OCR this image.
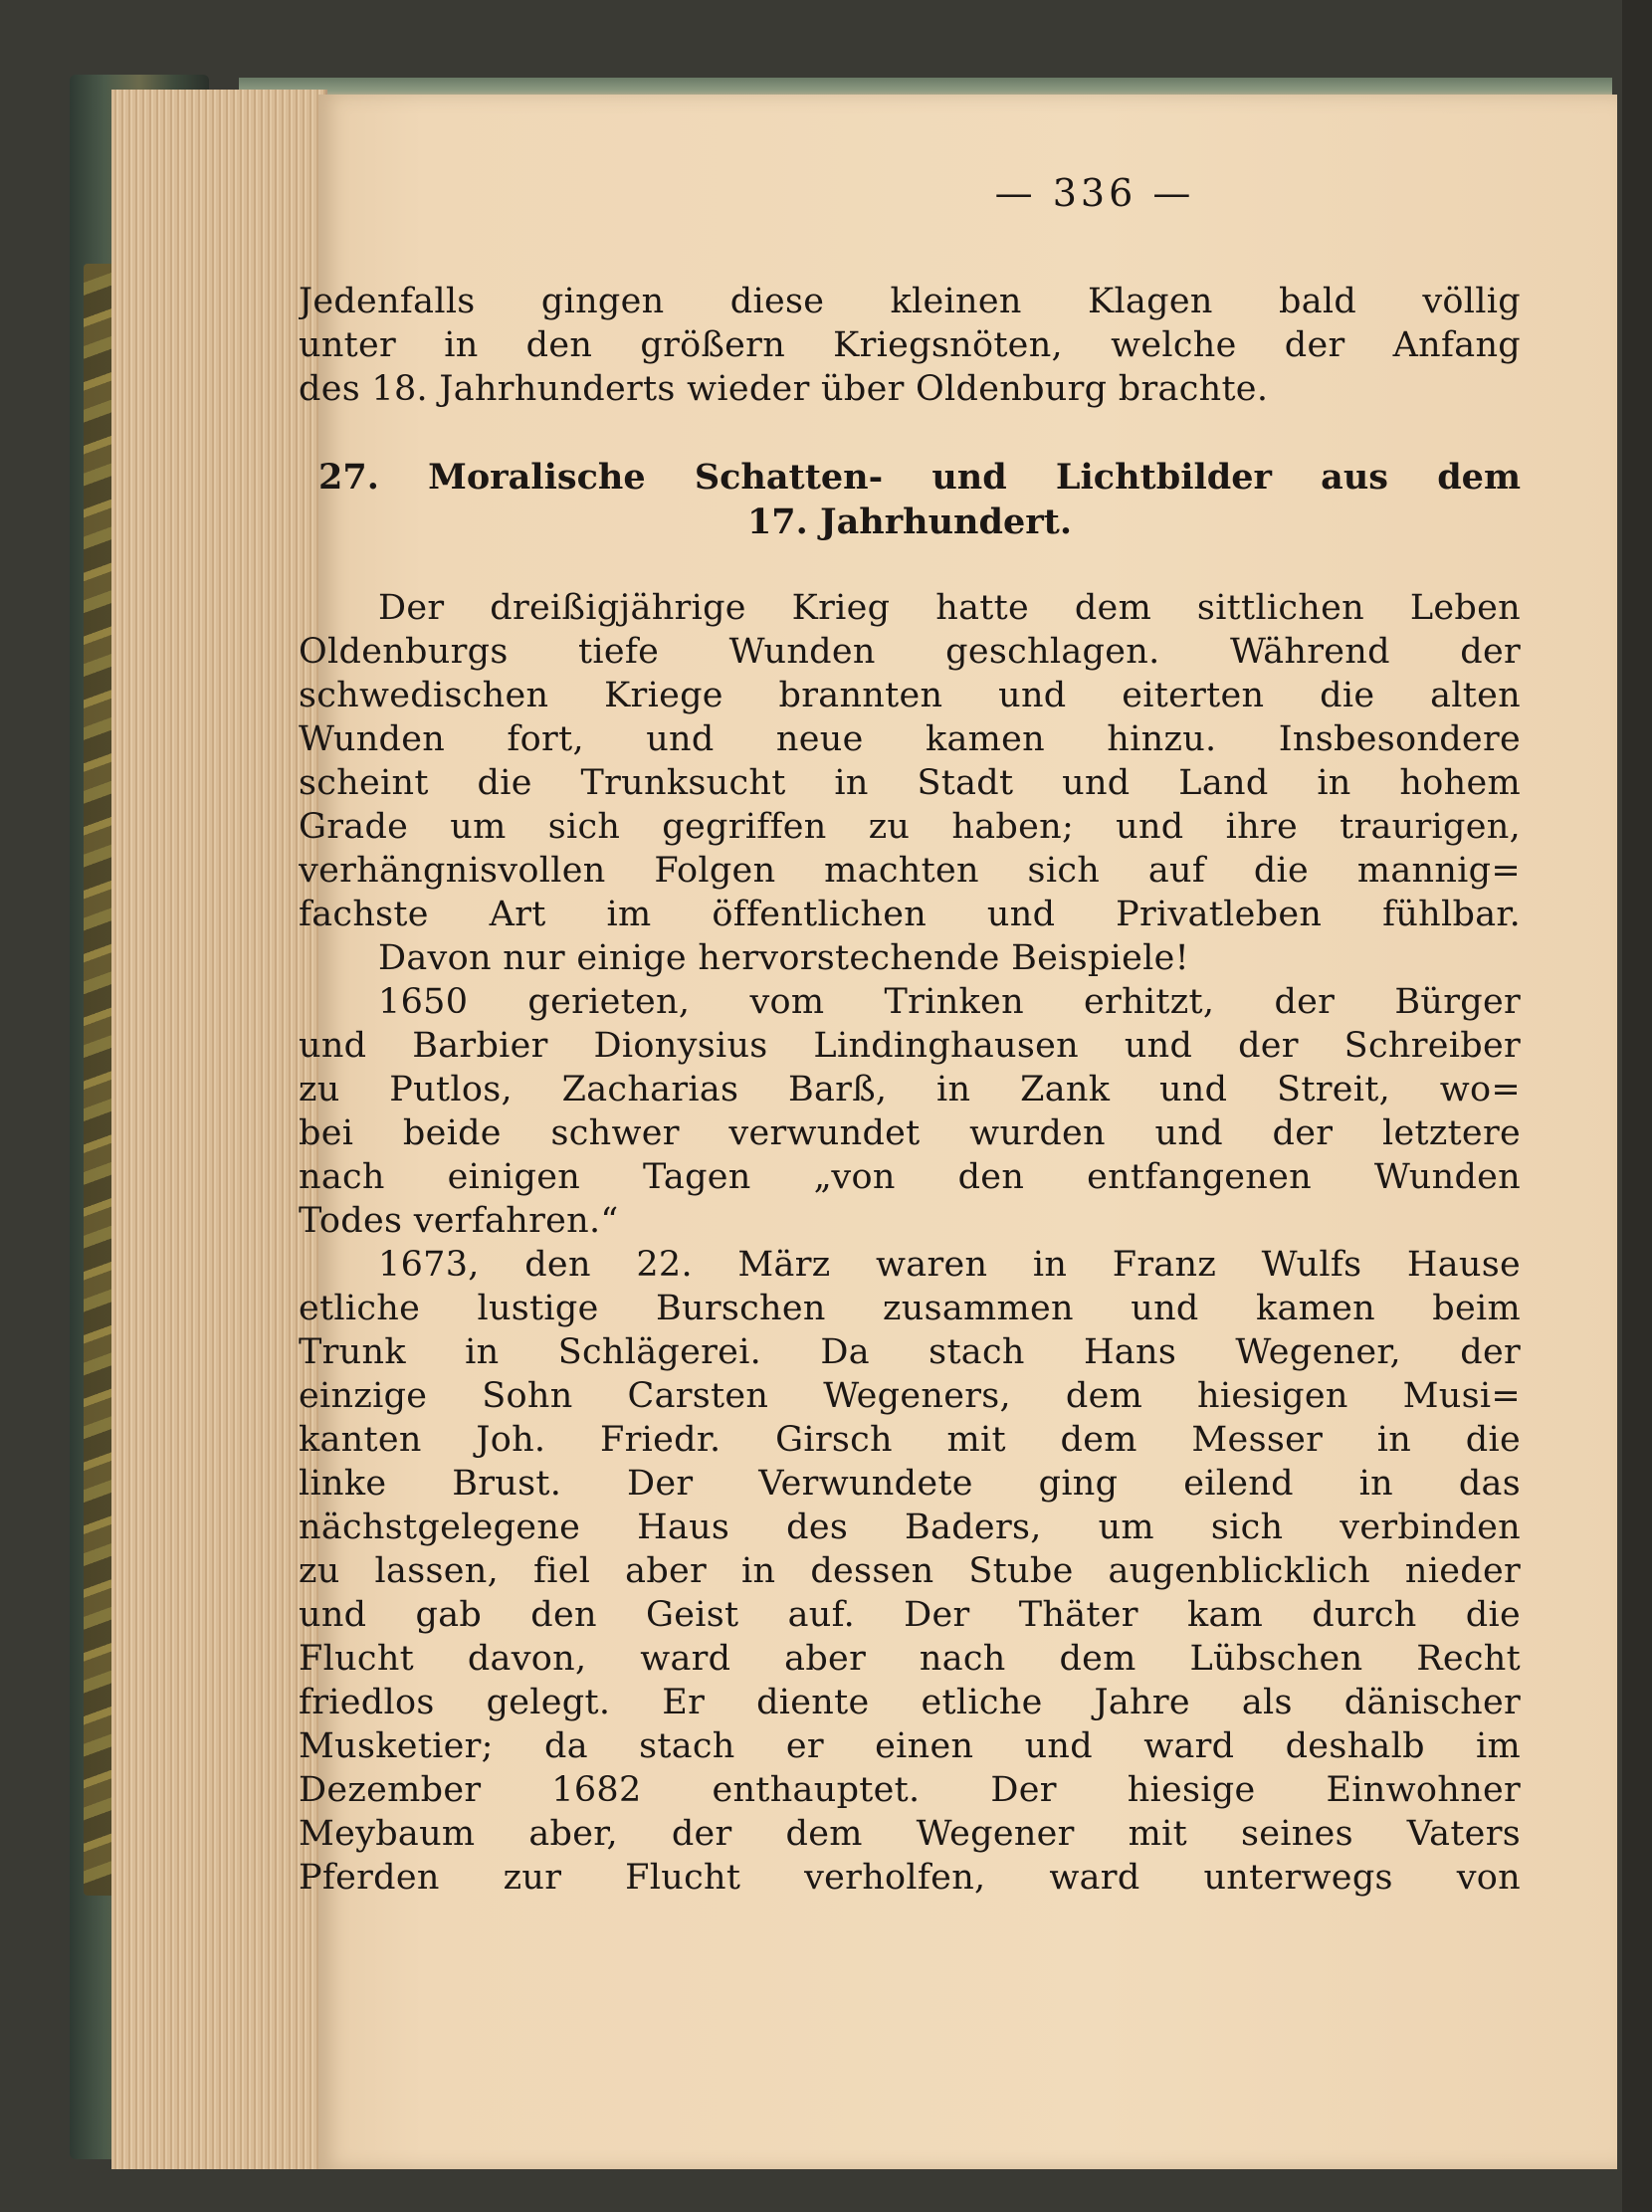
— 336 —
Jedenfalls gingen diese kleinen Klagen bald völlig
unter in den größern Kriegsnöten, welche der Anfang
des 18. Jahrhunderts wieder über Oldenburg brachte.
27. Moralische Schatten- und Lichtbilder aus dem
17. Jahrhundert.
Der dreißigjährige Krieg hatte dem sittlichen Leben
Oldenburgs tiefe Wunden geschlagen. Während der
schwedischen Kriege brannten und eiterten die alten
Wunden fort, und neue kamen hinzu. Insbesondere
scheint die Trunksucht in Stadt und Land in hohem
Grade um sich gegriffen zu haben; und ihre traurigen,
verhängnisvollen Folgen machten sich auf die mannig=
fachste Art im öffentlichen und Privatleben fühlbar.
Davon nur einige hervorstechende Beispiele!
1650 gerieten, vom Trinken erhitzt, der Bürger
und Barbier Dionysius Lindinghausen und der Schreiber
zu Putlos, Zacharias Barß, in Zank und Streit, wo=
bei beide schwer verwundet wurden und der letztere
nach einigen Tagen „von den entfangenen Wunden
Todes verfahren.“
1673, den 22. März waren in Franz Wulfs Hause
etliche lustige Burschen zusammen und kamen beim
Trunk in Schlägerei. Da stach Hans Wegener, der
einzige Sohn Carsten Wegeners, dem hiesigen Musi=
kanten Joh. Friedr. Girsch mit dem Messer in die
linke Brust. Der Verwundete ging eilend in das
nächstgelegene Haus des Baders, um sich verbinden
zu lassen, fiel aber in dessen Stube augenblicklich nieder
und gab den Geist auf. Der Thäter kam durch die
Flucht davon, ward aber nach dem Lübschen Recht
friedlos gelegt. Er diente etliche Jahre als dänischer
Musketier; da stach er einen und ward deshalb im
Dezember 1682 enthauptet. Der hiesige Einwohner
Meybaum aber, der dem Wegener mit seines Vaters
Pferden zur Flucht verholfen, ward unterwegs von
